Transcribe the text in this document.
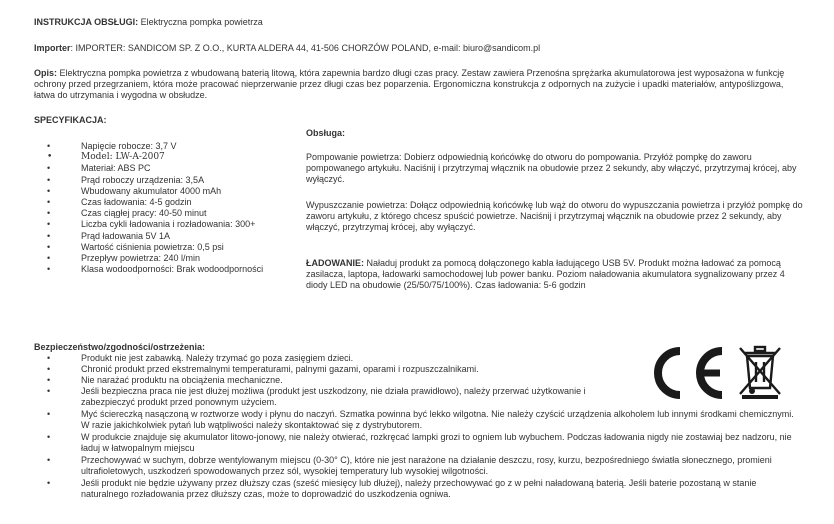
INSTRUKCJA OBSŁUGI: Elektryczna pompka powietrza

Importer: IMPORTER: SANDICOM SP. Z O.O., KURTA ALDERA 44, 41-506 CHORZÓW POLAND, e-mail: biuro@sandicom.pl

Opis: Elektryczna pompka powietrza z wbudowaną baterią litową, która zapewnia bardzo długi czas pracy. Zestaw zawiera Przenośna sprężarka akumulatorowa jest wyposażona w funkcję ochrony przed przegrzaniem, która może pracować nieprzerwanie przez długi czas bez poparzenia. Ergonomiczna konstrukcja z odpornych na zużycie i upadki materiałów, antypoślizgowa, łatwa do utrzymania i wygodna w obsłudze.

SPECYFIKACJA:

• Napięcie robocze: 3,7 V
• Model: LW-A-2007
• Materiał: ABS PC
• Prąd roboczy urządzenia: 3,5A
• Wbudowany akumulator 4000 mAh
• Czas ładowania: 4-5 godzin
• Czas ciągłej pracy: 40-50 minut
• Liczba cykli ładowania i rozładowania: 300+
• Prąd ładowania 5V 1A
• Wartość ciśnienia powietrza: 0,5 psi
• Przepływ powietrza: 240 l/min
• Klasa wodoodporności: Brak wodoodporności

Obsługa:

Pompowanie powietrza: Dobierz odpowiednią końcówkę do otworu do pompowania. Przyłóż pompkę do zaworu pompowanego artykułu. Naciśnij i przytrzymaj włącznik na obudowie przez 2 sekundy, aby włączyć, przytrzymaj krócej, aby wyłączyć.

Wypuszczanie powietrza: Dołącz odpowiednią końcówkę lub wąż do otworu do wypuszczania powietrza i przyłóż pompkę do zaworu artykułu, z którego chcesz spuścić powietrze. Naciśnij i przytrzymaj włącznik na obudowie przez 2 sekundy, aby włączyć, przytrzymaj krócej, aby wyłączyć.

ŁADOWANIE: Naładuj produkt za pomocą dołączonego kabla ładującego USB 5V. Produkt można ładować za pomocą zasilacza, laptopa, ładowarki samochodowej lub power banku. Poziom naładowania akumulatora sygnalizowany przez 4 diody LED na obudowie (25/50/75/100%). Czas ładowania: 5-6 godzin

Bezpieczeństwo/zgodności/ostrzeżenia:

• Produkt nie jest zabawką. Należy trzymać go poza zasięgiem dzieci.
• Chronić produkt przed ekstremalnymi temperaturami, palnymi gazami, oparami i rozpuszczalnikami.
• Nie narażać produktu na obciążenia mechaniczne.
• Jeśli bezpieczna praca nie jest dłużej możliwa (produkt jest uszkodzony, nie działa prawidłowo), należy przerwać użytkowanie i zabezpieczyć produkt przed ponownym użyciem.
• Myć ściereczką nasączoną w roztworze wody i płynu do naczyń. Szmatka powinna być lekko wilgotna. Nie należy czyścić urządzenia alkoholem lub innymi środkami chemicznymi. W razie jakichkolwiek pytań lub wątpliwości należy skontaktować się z dystrybutorem.
• W produkcie znajduje się akumulator litowo-jonowy, nie należy otwierać, rozkręcać lampki grozi to ogniem lub wybuchem. Podczas ładowania nigdy nie zostawiaj bez nadzoru, nie ładuj w łatwopalnym miejscu
• Przechowywać w suchym, dobrze wentylowanym miejscu (0-30° C), które nie jest narażone na działanie deszczu, rosy, kurzu, bezpośredniego światła słonecznego, promieni ultrafioletowych, uszkodzeń spowodowanych przez sól, wysokiej temperatury lub wysokiej wilgotności.
• Jeśli produkt nie będzie używany przez dłuższy czas (sześć miesięcy lub dłużej), należy przechowywać go z w pełni naładowaną baterią. Jeśli baterie pozostaną w stanie naturalnego rozładowania przez dłuższy czas, może to doprowadzić do uszkodzenia ogniwa.
